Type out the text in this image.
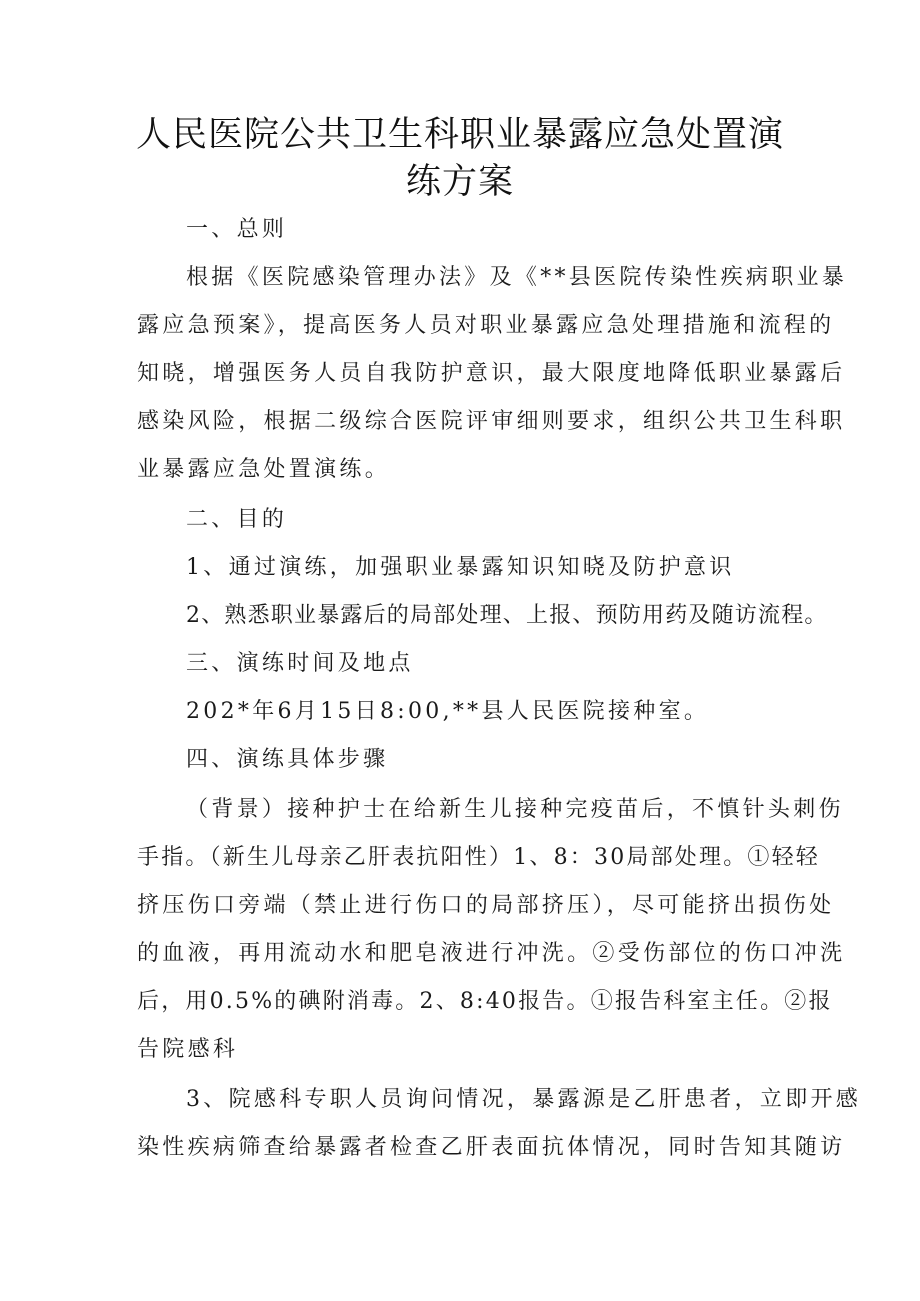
人民医院公共卫生科职业暴露应急处置演
练方案
一、总则
根据《医院感染管理办法》及《**县医院传染性疾病职业暴
露应急预案》，提高医务人员对职业暴露应急处理措施和流程的
知晓，增强医务人员自我防护意识，最大限度地降低职业暴露后
感染风险，根据二级综合医院评审细则要求，组织公共卫生科职
业暴露应急处置演练。
二、目的
1、通过演练，加强职业暴露知识知晓及防护意识
2、熟悉职业暴露后的局部处理、上报、预防用药及随访流程。
三、演练时间及地点
202*年6月15日8:00,**县人民医院接种室。
四、演练具体步骤
（背景）接种护士在给新生儿接种完疫苗后，不慎针头刺伤
手指。（新生儿母亲乙肝表抗阳性）1、8：30局部处理。①轻轻
挤压伤口旁端（禁止进行伤口的局部挤压），尽可能挤出损伤处
的血液，再用流动水和肥皂液进行冲洗。②受伤部位的伤口冲洗
后，用0.5%的碘附消毒。2、8:40报告。①报告科室主任。②报
告院感科
3、院感科专职人员询问情况，暴露源是乙肝患者，立即开感
染性疾病筛查给暴露者检查乙肝表面抗体情况，同时告知其随访
